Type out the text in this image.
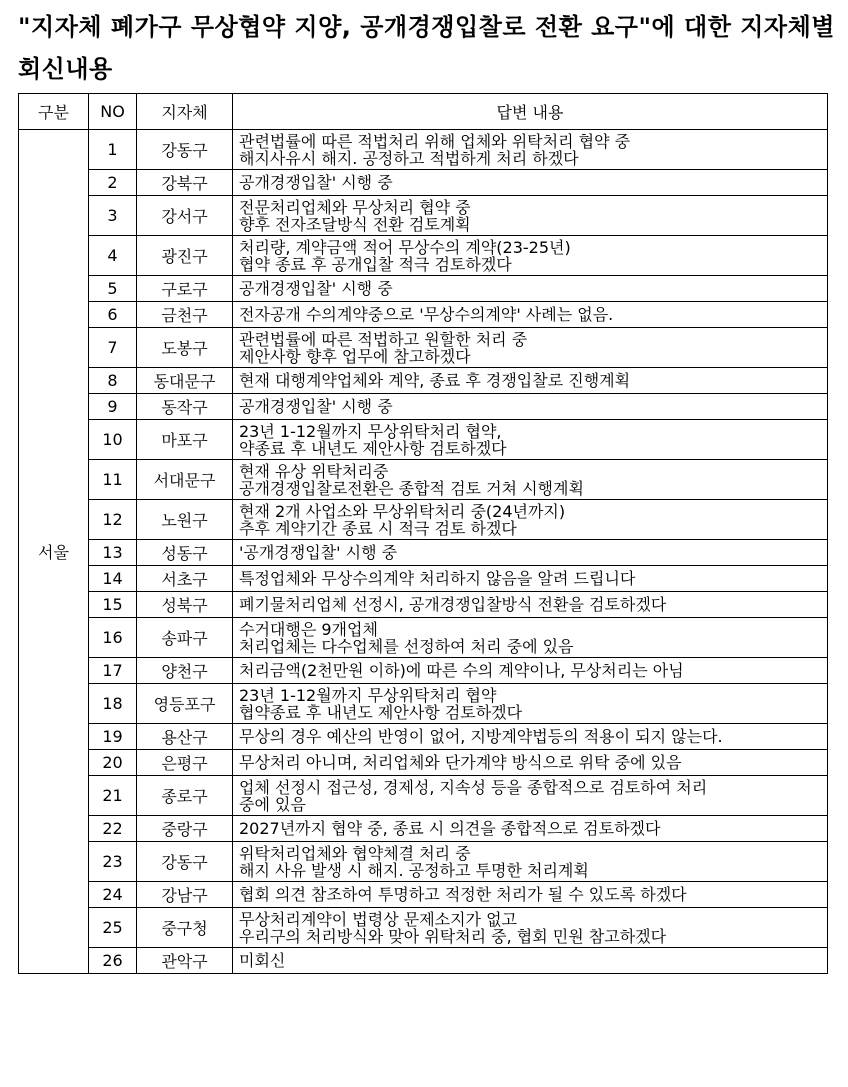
"지자체 폐가구 무상협약 지양, 공개경쟁입찰로 전환 요구"에 대한 지자체별 회신내용
구분	NO	지자체	답변 내용
서울	1	강동구	관련법률에 따른 적법처리 위해 업체와 위탁처리 협약 중
해지사유시 해지. 공정하고 적법하게 처리 하겠다

	2	강북구	공개경쟁입찰' 시행 중

	3	강서구	전문처리업체와 무상처리 협약 중
향후 전자조달방식 전환 검토계획

	4	광진구	처리량, 계약금액 적어 무상수의 계약(23-25년)
협약 종료 후 공개입찰 적극 검토하겠다

	5	구로구	공개경쟁입찰' 시행 중

	6	금천구	전자공개 수의계약중으로 '무상수의계약' 사례는 없음.

	7	도봉구	관련법률에 따른 적법하고 원할한 처리 중
제안사항 향후 업무에 참고하겠다

	8	동대문구	현재 대행계약업체와 계약, 종료 후 경쟁입찰로 진행계획

	9	동작구	공개경쟁입찰' 시행 중

	10	마포구	23년 1-12월까지 무상위탁처리 협약,
약종료 후 내년도 제안사항 검토하겠다

	11	서대문구	현재 유상 위탁처리중
공개경쟁입찰로전환은 종합적 검토 거쳐 시행계획

	12	노원구	현재 2개 사업소와 무상위탁처리 중(24년까지)
추후 계약기간 종료 시 적극 검토 하겠다

	13	성동구	'공개경쟁입찰' 시행 중

	14	서초구	특정업체와 무상수의계약 처리하지 않음을 알려 드립니다

	15	성북구	폐기물처리업체 선정시, 공개경쟁입찰방식 전환을 검토하겠다

	16	송파구	수거대행은 9개업체
처리업체는 다수업체를 선정하여 처리 중에 있음

	17	양천구	처리금액(2천만원 이하)에 따른 수의 계약이나, 무상처리는 아님

	18	영등포구	23년 1-12월까지 무상위탁처리 협약
협약종료 후 내년도 제안사항 검토하겠다

	19	용산구	무상의 경우 예산의 반영이 없어, 지방계약법등의 적용이 되지 않는다.

	20	은평구	무상처리 아니며, 처리업체와 단가계약 방식으로 위탁 중에 있음

	21	종로구	업체 선정시 접근성, 경제성, 지속성 등을 종합적으로 검토하여 처리
중에 있음

	22	중랑구	2027년까지 협약 중, 종료 시 의견을 종합적으로 검토하겠다

	23	강동구	위탁처리업체와 협약체결 처리 중
해지 사유 발생 시 해지. 공정하고 투명한 처리계획

	24	강남구	협회 의견 참조하여 투명하고 적정한 처리가 될 수 있도록 하겠다

	25	중구청	무상처리계약이 법령상 문제소지가 없고
우리구의 처리방식와 맞아 위탁처리 중, 협회 민원 참고하겠다

	26	관악구	미회신
